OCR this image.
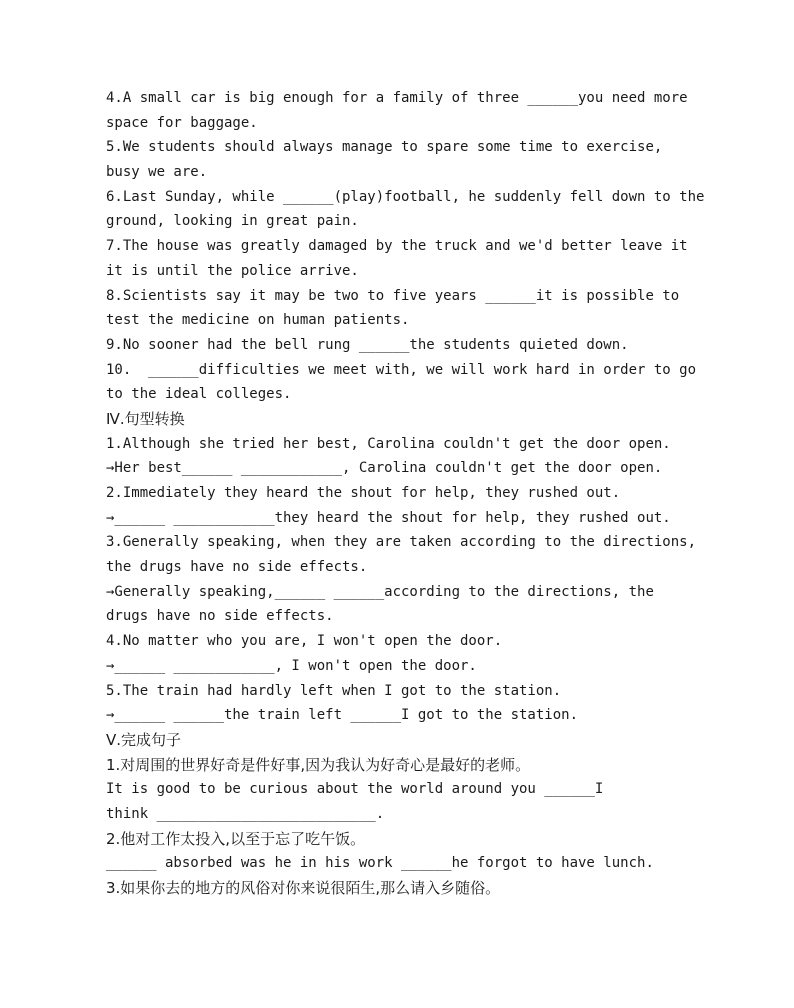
4.A small car is big enough for a family of three ______you need more
space for baggage.
5.We students should always manage to spare some time to exercise,
busy we are.
6.Last Sunday, while ______(play)football, he suddenly fell down to the
ground, looking in great pain.
7.The house was greatly damaged by the truck and we'd better leave it
it is until the police arrive.
8.Scientists say it may be two to five years ______it is possible to
test the medicine on human patients.
9.No sooner had the bell rung ______the students quieted down.
10.  ______difficulties we meet with, we will work hard in order to go
to the ideal colleges.
Ⅳ.句型转换
1.Although she tried her best, Carolina couldn't get the door open.
→Her best______ ____________, Carolina couldn't get the door open.
2.Immediately they heard the shout for help, they rushed out.
→______ ____________they heard the shout for help, they rushed out.
3.Generally speaking, when they are taken according to the directions,
the drugs have no side effects.
→Generally speaking,______ ______according to the directions, the
drugs have no side effects.
4.No matter who you are, I won't open the door.
→______ ____________, I won't open the door.
5.The train had hardly left when I got to the station.
→______ ______the train left ______I got to the station.
Ⅴ.完成句子
1.对周围的世界好奇是件好事,因为我认为好奇心是最好的老师。
It is good to be curious about the world around you ______I
think __________________________.
2.他对工作太投入,以至于忘了吃午饭。
______ absorbed was he in his work ______he forgot to have lunch.
3.如果你去的地方的风俗对你来说很陌生,那么请入乡随俗。
